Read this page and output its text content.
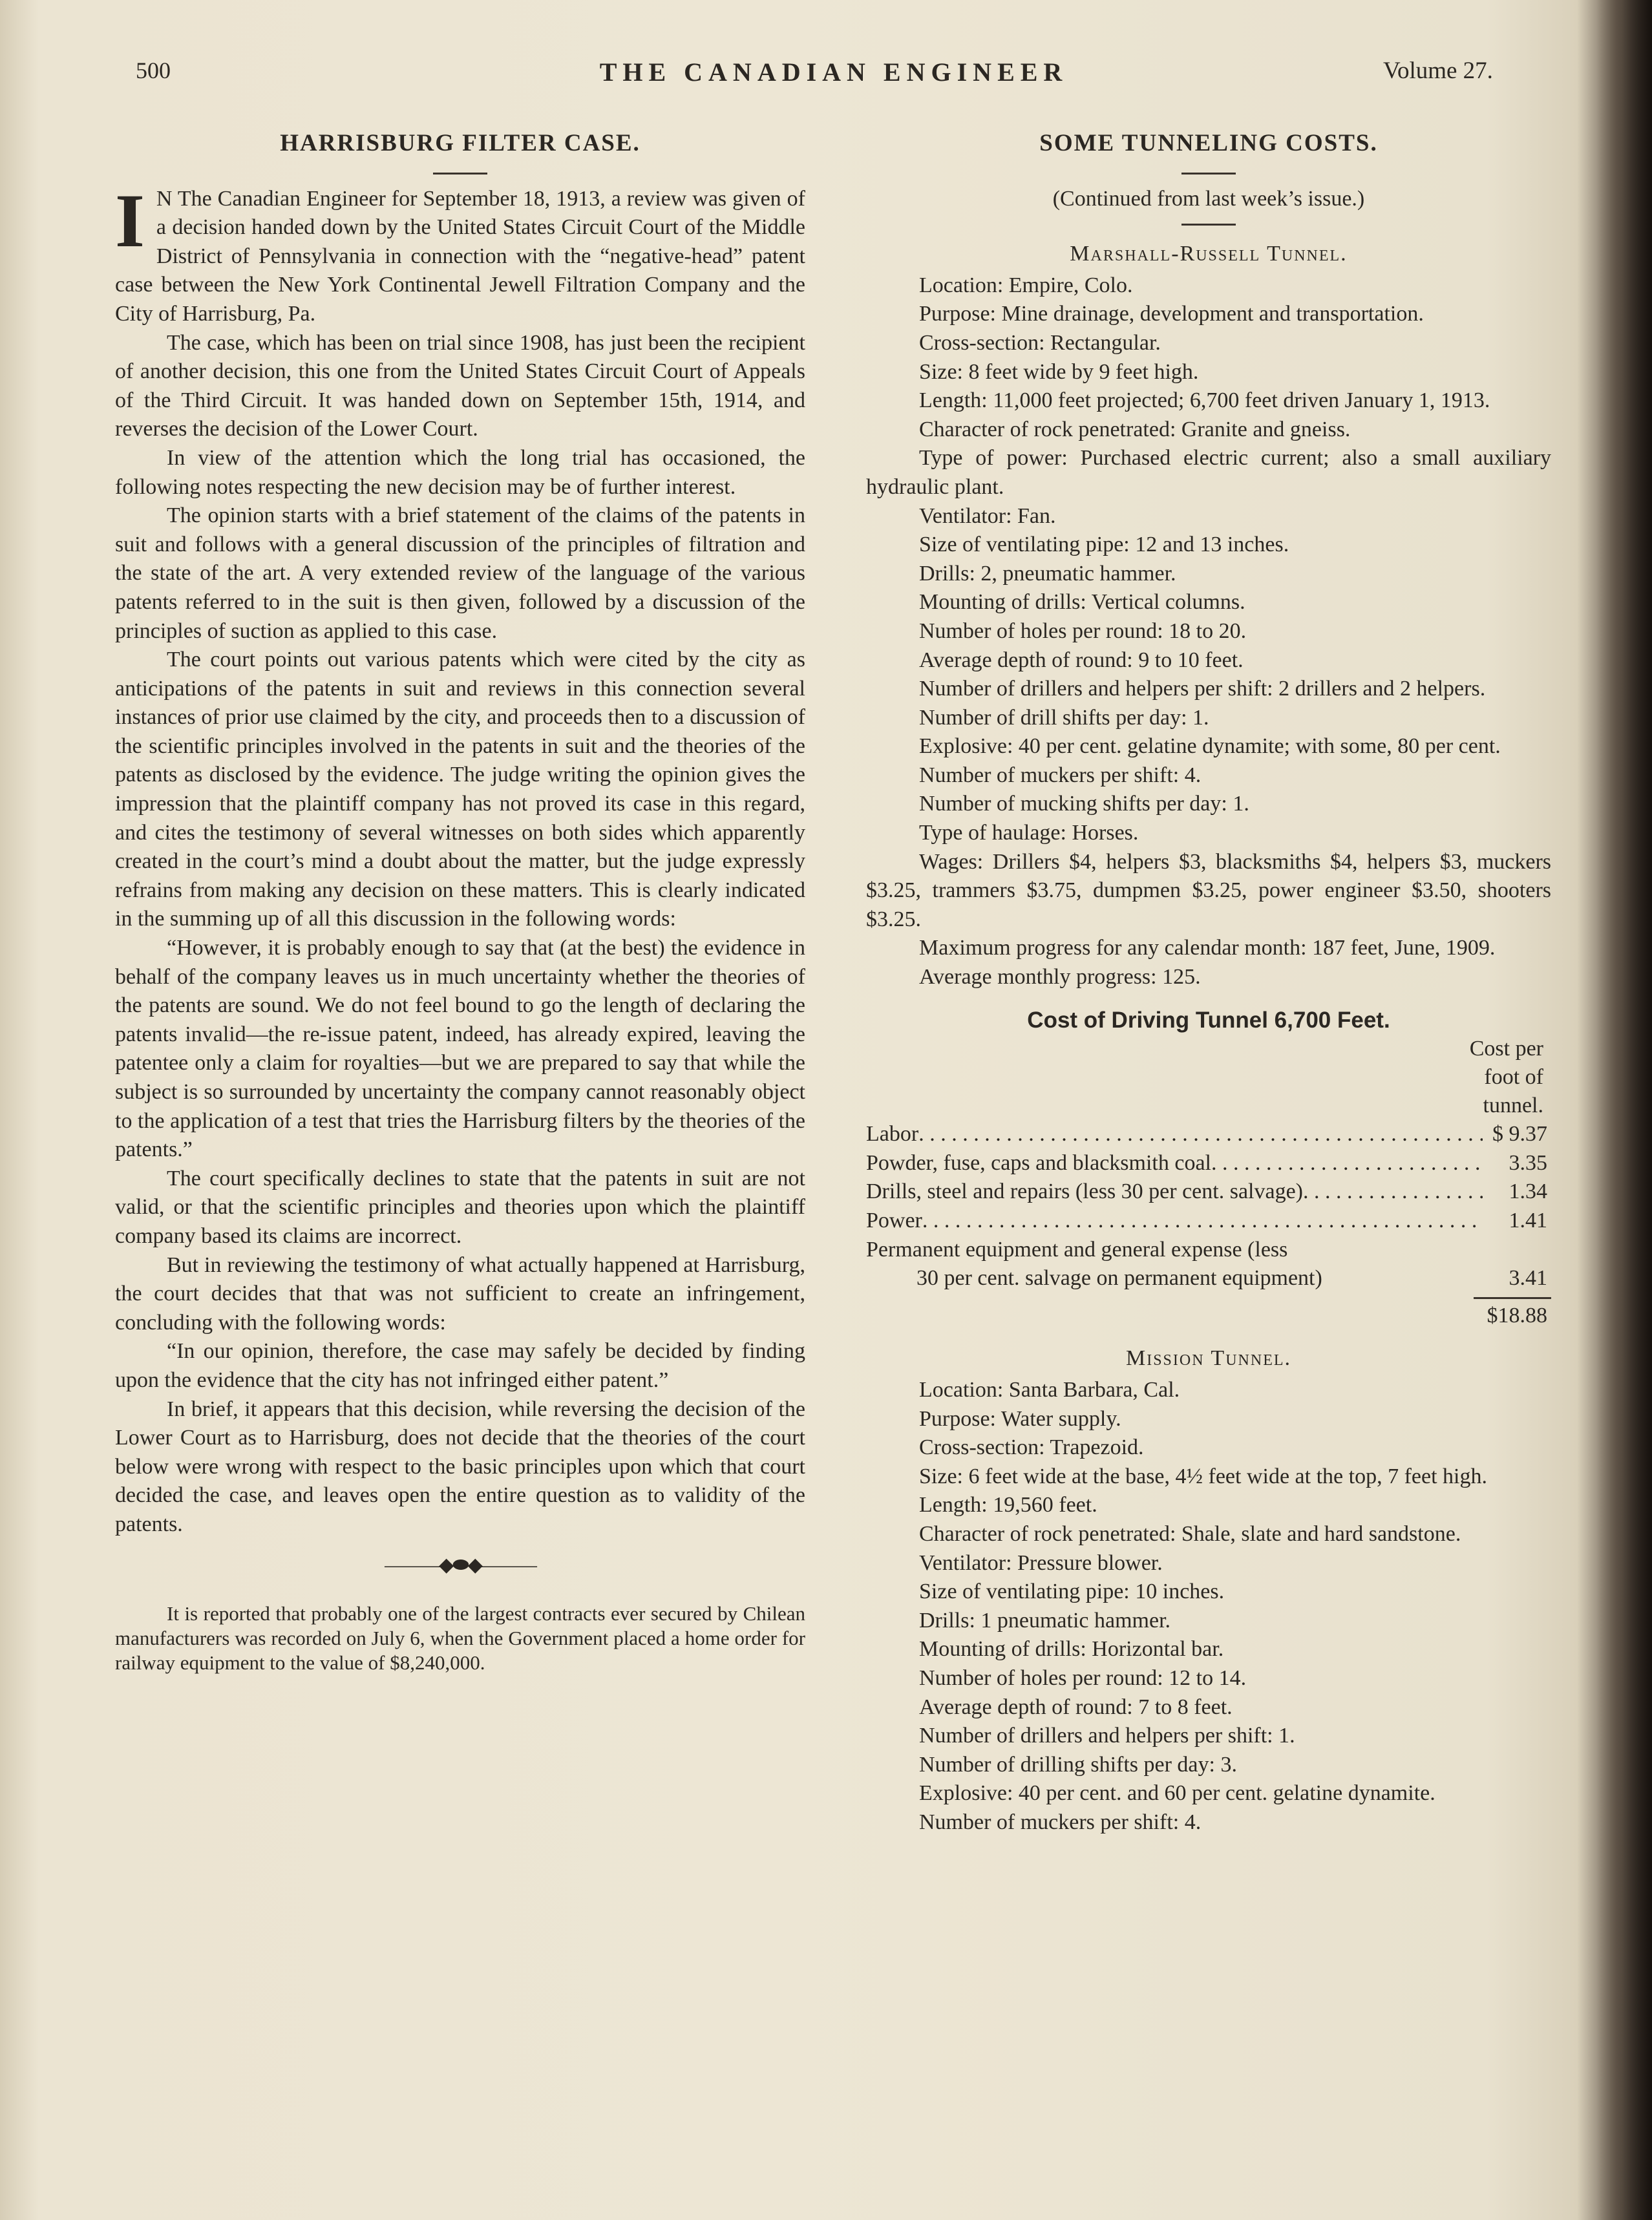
500	THE CANADIAN ENGINEER	Volume 27.
HARRISBURG FILTER CASE.

I N The Canadian Engineer for September 18, 1913, a review was given of a decision handed down by the United States Circuit Court of the Middle District of Pennsylvania in connection with the “negative-head” patent case between the New York Continental Jewell Filtration Company and the City of Harrisburg, Pa.

The case, which has been on trial since 1908, has just been the recipient of another decision, this one from the United States Circuit Court of Appeals of the Third Circuit. It was handed down on September 15th, 1914, and reverses the decision of the Lower Court.

In view of the attention which the long trial has occasioned, the following notes respecting the new decision may be of further interest.

The opinion starts with a brief statement of the claims of the patents in suit and follows with a general discussion of the principles of filtration and the state of the art. A very extended review of the language of the various patents referred to in the suit is then given, followed by a discussion of the principles of suction as applied to this case.

The court points out various patents which were cited by the city as anticipations of the patents in suit and reviews in this connection several instances of prior use claimed by the city, and proceeds then to a discussion of the scientific principles involved in the patents in suit and the theories of the patents as disclosed by the evidence. The judge writing the opinion gives the impression that the plaintiff company has not proved its case in this regard, and cites the testimony of several witnesses on both sides which apparently created in the court’s mind a doubt about the matter, but the judge expressly refrains from making any decision on these matters. This is clearly indicated in the summing up of all this discussion in the following words:

“However, it is probably enough to say that (at the best) the evidence in behalf of the company leaves us in much uncertainty whether the theories of the patents are sound. We do not feel bound to go the length of declaring the patents invalid—the re-issue patent, indeed, has already expired, leaving the patentee only a claim for royalties—but we are prepared to say that while the subject is so surrounded by uncertainty the company cannot reasonably object to the application of a test that tries the Harrisburg filters by the theories of the patents.”

The court specifically declines to state that the patents in suit are not valid, or that the scientific principles and theories upon which the plaintiff company based its claims are incorrect.

But in reviewing the testimony of what actually happened at Harrisburg, the court decides that that was not sufficient to create an infringement, concluding with the following words:

“In our opinion, therefore, the case may safely be decided by finding upon the evidence that the city has not infringed either patent.”

In brief, it appears that this decision, while reversing the decision of the Lower Court as to Harrisburg, does not decide that the theories of the court below were wrong with respect to the basic principles upon which that court decided the case, and leaves open the entire question as to validity of the patents.

———◆⬬◆———

It is reported that probably one of the largest contracts ever secured by Chilean manufacturers was recorded on July 6, when the Government placed a home order for railway equipment to the value of $8,240,000.

SOME TUNNELING COSTS.

(Continued from last week’s issue.)

Marshall-Russell Tunnel.

Location: Empire, Colo.

Purpose: Mine drainage, development and transportation.

Cross-section: Rectangular.

Size: 8 feet wide by 9 feet high.

Length: 11,000 feet projected; 6,700 feet driven January 1, 1913.

Character of rock penetrated: Granite and gneiss.

Type of power: Purchased electric current; also a small auxiliary hydraulic plant.

Ventilator: Fan.

Size of ventilating pipe: 12 and 13 inches.

Drills: 2, pneumatic hammer.

Mounting of drills: Vertical columns.

Number of holes per round: 18 to 20.

Average depth of round: 9 to 10 feet.

Number of drillers and helpers per shift: 2 drillers and 2 helpers.

Number of drill shifts per day: 1.

Explosive: 40 per cent. gelatine dynamite; with some, 80 per cent.

Number of muckers per shift: 4.

Number of mucking shifts per day: 1.

Type of haulage: Horses.

Wages: Drillers $4, helpers $3, blacksmiths $4, helpers $3, muckers $3.25, trammers $3.75, dumpmen $3.25, power engineer $3.50, shooters $3.25.

Maximum progress for any calendar month: 187 feet, June, 1909.

Average monthly progress: 125.

Cost of Driving Tunnel 6,700 Feet.
Cost per
foot of
tunnel.
Labor . . .	$ 9.37
Powder, fuse, caps and blacksmith coal . . .	3.35
Drills, steel and repairs (less 30 per cent. salvage) . . .	1.34
Power . . .	1.41
Permanent equipment and general expense (less
30 per cent. salvage on permanent equipment)	3.41
$18.88

Mission Tunnel.

Location: Santa Barbara, Cal.

Purpose: Water supply.

Cross-section: Trapezoid.

Size: 6 feet wide at the base, 4½ feet wide at the top, 7 feet high.

Length: 19,560 feet.

Character of rock penetrated: Shale, slate and hard sandstone.

Ventilator: Pressure blower.

Size of ventilating pipe: 10 inches.

Drills: 1 pneumatic hammer.

Mounting of drills: Horizontal bar.

Number of holes per round: 12 to 14.

Average depth of round: 7 to 8 feet.

Number of drillers and helpers per shift: 1.

Number of drilling shifts per day: 3.

Explosive: 40 per cent. and 60 per cent. gelatine dynamite.

Number of muckers per shift: 4.
